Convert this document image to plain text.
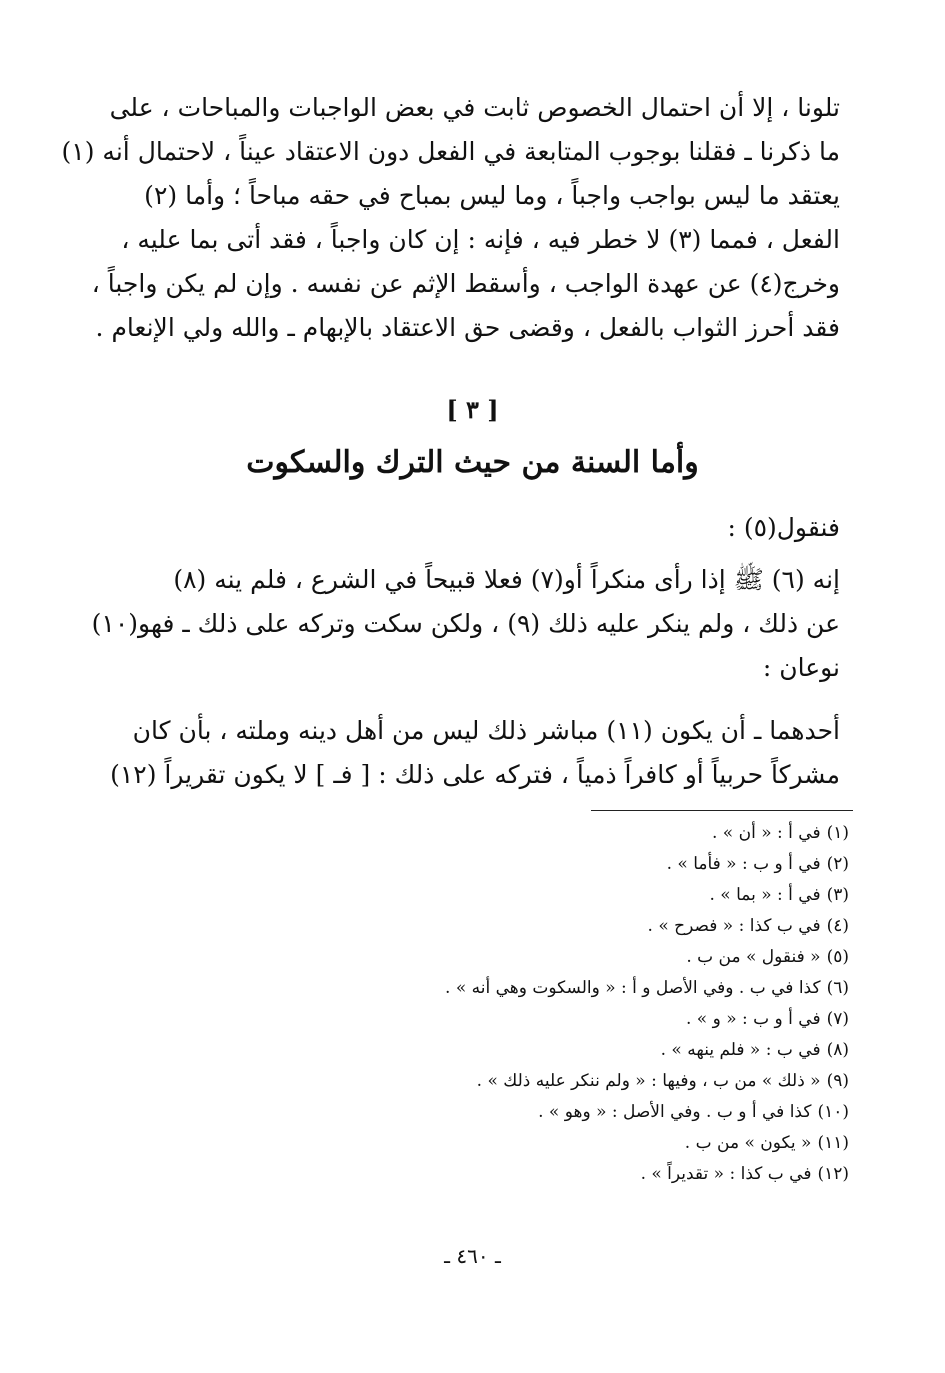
تلونا ، إلا أن احتمال الخصوص ثابت في بعض الواجبات والمباحات ، على
ما ذكرنا ـ فقلنا بوجوب المتابعة في الفعل دون الاعتقاد عيناً ، لاحتمال أنه (١)
يعتقد ما ليس بواجب واجباً ، وما ليس بمباح في حقه مباحاً ؛ وأما (٢)
الفعل ، فمما (٣) لا خطر فيه ، فإنه : إن كان واجباً ، فقد أتى بما عليه ،
وخرج(٤) عن عهدة الواجب ، وأسقط الإثم عن نفسه . وإن لم يكن واجباً ،
فقد أحرز الثواب بالفعل ، وقضى حق الاعتقاد بالإبهام ـ والله ولي الإنعام .
[ ٣ ]
وأما السنة من حيث الترك والسكوت
فنقول(٥) :
إنه (٦) ﷺ إذا رأى منكراً أو(٧) فعلا قبيحاً في الشرع ، فلم ينه (٨)
عن ذلك ، ولم ينكر عليه ذلك (٩) ، ولكن سكت وتركه على ذلك ـ فهو(١٠)
نوعان :
أحدهما ـ أن يكون (١١) مباشر ذلك ليس من أهل دينه وملته ، بأن كان
مشركاً حربياً أو كافراً ذمياً ، فتركه على ذلك : [ فـ ] لا يكون تقريراً (١٢)
(١)في أ : « أن » .
(٢)في أ و ب : « فأما » .
(٣)في أ : « بما » .
(٤)في ب كذا : « فصرح » .
(٥)« فنقول » من ب .
(٦)كذا في ب . وفي الأصل و أ : « والسكوت وهي أنه » .
(٧)في أ و ب : « و » .
(٨)في ب : « فلم ينهه » .
(٩)« ذلك » من ب ، وفيها : « ولم ننكر عليه ذلك » .
(١٠)كذا في أ و ب . وفي الأصل : « وهو » .
(١١)« يكون » من ب .
(١٢)في ب كذا : « تقديراً » .
ـ ٤٦٠ ـ
